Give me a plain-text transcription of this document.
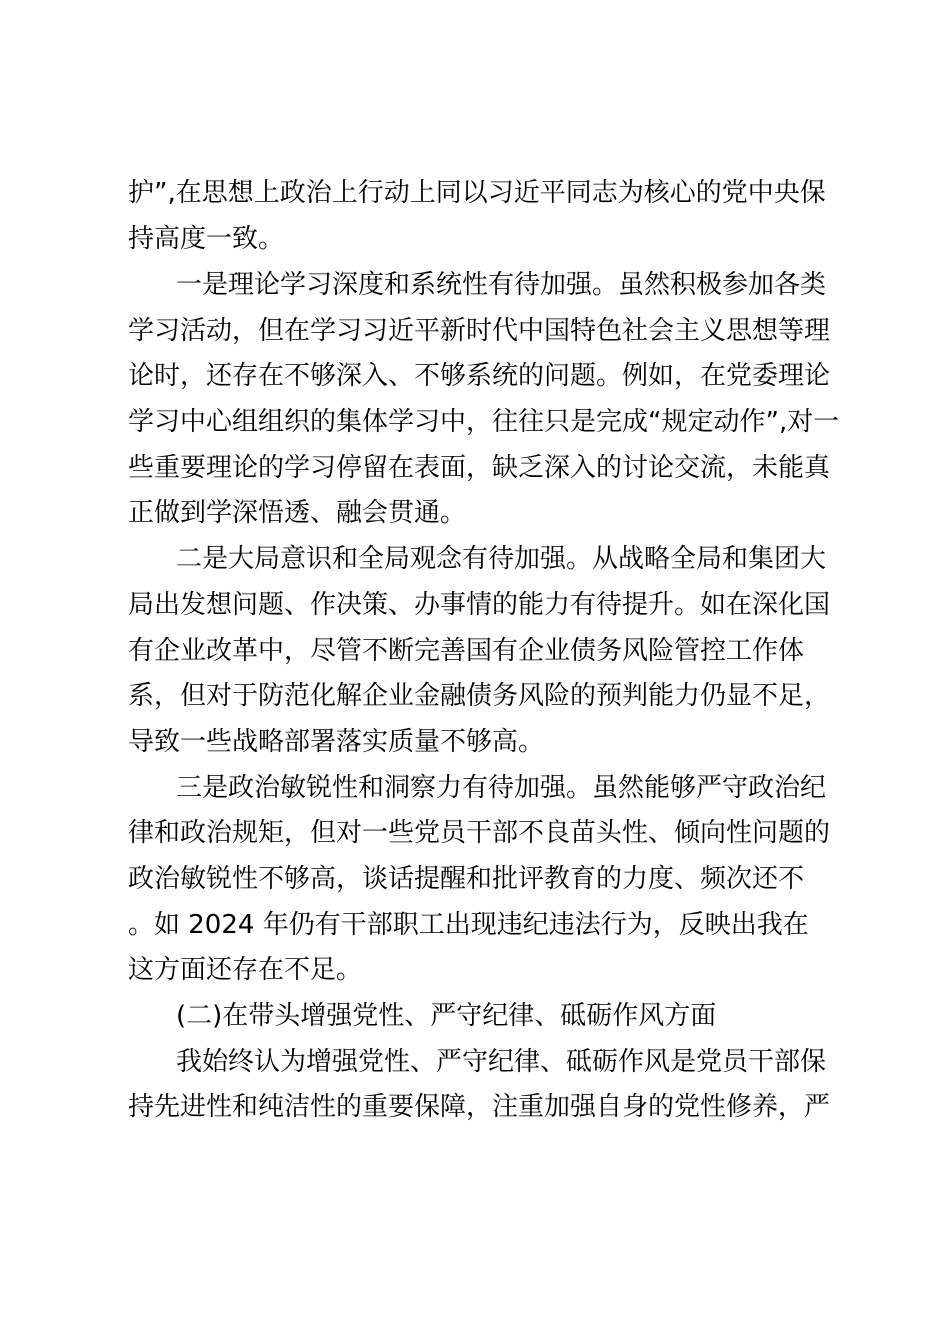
护”,在思想上政治上行动上同以习近平同志为核心的党中央保
持高度一致。
一是理论学习深度和系统性有待加强。虽然积极参加各类
学习活动，但在学习习近平新时代中国特色社会主义思想等理
论时，还存在不够深入、不够系统的问题。例如，在党委理论
学习中心组组织的集体学习中，往往只是完成“规定动作”,对一
些重要理论的学习停留在表面，缺乏深入的讨论交流，未能真
正做到学深悟透、融会贯通。
二是大局意识和全局观念有待加强。从战略全局和集团大
局出发想问题、作决策、办事情的能力有待提升。如在深化国
有企业改革中，尽管不断完善国有企业债务风险管控工作体
系，但对于防范化解企业金融债务风险的预判能力仍显不足，
导致一些战略部署落实质量不够高。
三是政治敏锐性和洞察力有待加强。虽然能够严守政治纪
律和政治规矩，但对一些党员干部不良苗头性、倾向性问题的
政治敏锐性不够高，谈话提醒和批评教育的力度、频次还不
。如 2024 年仍有干部职工出现违纪违法行为，反映出我在
这方面还存在不足。
(二)在带头增强党性、严守纪律、砥砺作风方面
我始终认为增强党性、严守纪律、砥砺作风是党员干部保
持先进性和纯洁性的重要保障，注重加强自身的党性修养，严
